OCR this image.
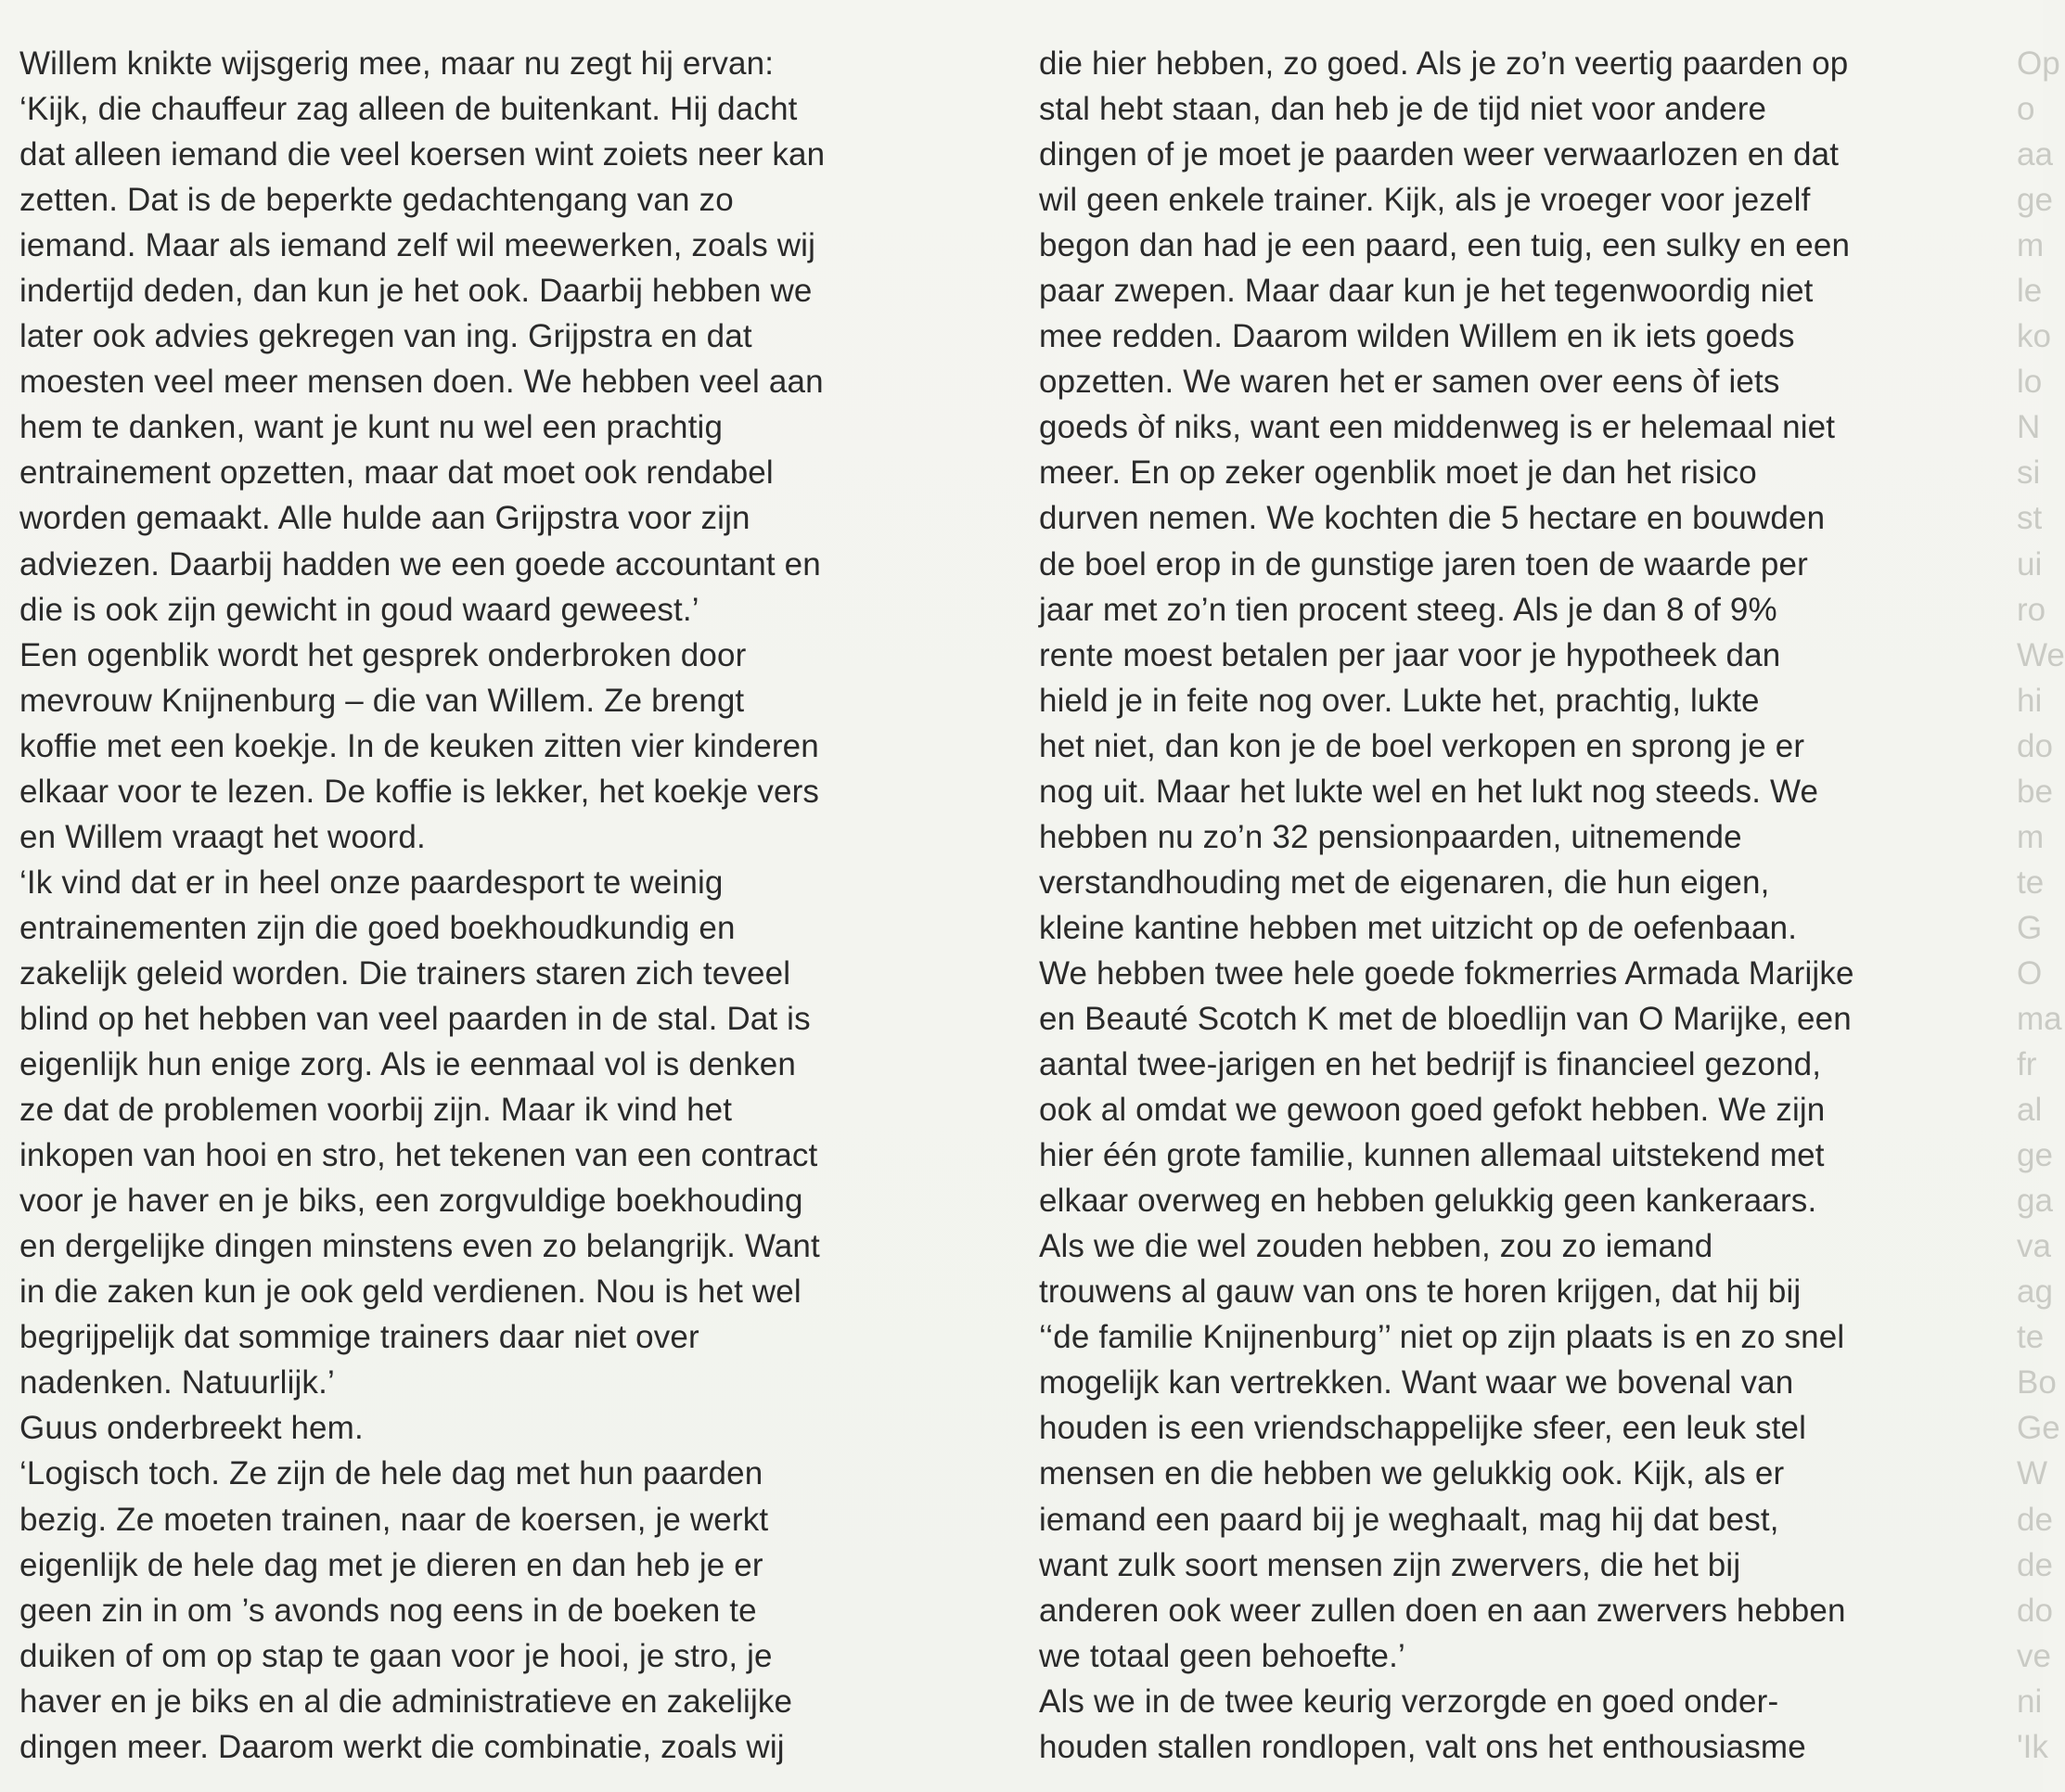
Willem knikte wijsgerig mee, maar nu zegt hij ervan:
‘Kijk, die chauffeur zag alleen de buitenkant. Hij dacht
dat alleen iemand die veel koersen wint zoiets neer kan
zetten. Dat is de beperkte gedachtengang van zo
iemand. Maar als iemand zelf wil meewerken, zoals wij
indertijd deden, dan kun je het ook. Daarbij hebben we
later ook advies gekregen van ing. Grijpstra en dat
moesten veel meer mensen doen. We hebben veel aan
hem te danken, want je kunt nu wel een prachtig
entrainement opzetten, maar dat moet ook rendabel
worden gemaakt. Alle hulde aan Grijpstra voor zijn
adviezen. Daarbij hadden we een goede accountant en
die is ook zijn gewicht in goud waard geweest.’
Een ogenblik wordt het gesprek onderbroken door
mevrouw Knijnenburg – die van Willem. Ze brengt
koffie met een koekje. In de keuken zitten vier kinderen
elkaar voor te lezen. De koffie is lekker, het koekje vers
en Willem vraagt het woord.
‘Ik vind dat er in heel onze paardesport te weinig
entrainementen zijn die goed boekhoudkundig en
zakelijk geleid worden. Die trainers staren zich teveel
blind op het hebben van veel paarden in de stal. Dat is
eigenlijk hun enige zorg. Als ie eenmaal vol is denken
ze dat de problemen voorbij zijn. Maar ik vind het
inkopen van hooi en stro, het tekenen van een contract
voor je haver en je biks, een zorgvuldige boekhouding
en dergelijke dingen minstens even zo belangrijk. Want
in die zaken kun je ook geld verdienen. Nou is het wel
begrijpelijk dat sommige trainers daar niet over
nadenken. Natuurlijk.’
Guus onderbreekt hem.
‘Logisch toch. Ze zijn de hele dag met hun paarden
bezig. Ze moeten trainen, naar de koersen, je werkt
eigenlijk de hele dag met je dieren en dan heb je er
geen zin in om ’s avonds nog eens in de boeken te
duiken of om op stap te gaan voor je hooi, je stro, je
haver en je biks en al die administratieve en zakelijke
dingen meer. Daarom werkt die combinatie, zoals wij
die hier hebben, zo goed. Als je zo’n veertig paarden op
stal hebt staan, dan heb je de tijd niet voor andere
dingen of je moet je paarden weer verwaarlozen en dat
wil geen enkele trainer. Kijk, als je vroeger voor jezelf
begon dan had je een paard, een tuig, een sulky en een
paar zwepen. Maar daar kun je het tegenwoordig niet
mee redden. Daarom wilden Willem en ik iets goeds
opzetten. We waren het er samen over eens òf iets
goeds òf niks, want een middenweg is er helemaal niet
meer. En op zeker ogenblik moet je dan het risico
durven nemen. We kochten die 5 hectare en bouwden
de boel erop in de gunstige jaren toen de waarde per
jaar met zo’n tien procent steeg. Als je dan 8 of 9%
rente moest betalen per jaar voor je hypotheek dan
hield je in feite nog over. Lukte het, prachtig, lukte
het niet, dan kon je de boel verkopen en sprong je er
nog uit. Maar het lukte wel en het lukt nog steeds. We
hebben nu zo’n 32 pensionpaarden, uitnemende
verstandhouding met de eigenaren, die hun eigen,
kleine kantine hebben met uitzicht op de oefenbaan.
We hebben twee hele goede fokmerries Armada Marijke
en Beauté Scotch K met de bloedlijn van O Marijke, een
aantal twee-jarigen en het bedrijf is financieel gezond,
ook al omdat we gewoon goed gefokt hebben. We zijn
hier één grote familie, kunnen allemaal uitstekend met
elkaar overweg en hebben gelukkig geen kankeraars.
Als we die wel zouden hebben, zou zo iemand
trouwens al gauw van ons te horen krijgen, dat hij bij
‘‘de familie Knijnenburg’’ niet op zijn plaats is en zo snel
mogelijk kan vertrekken. Want waar we bovenal van
houden is een vriendschappelijke sfeer, een leuk stel
mensen en die hebben we gelukkig ook. Kijk, als er
iemand een paard bij je weghaalt, mag hij dat best,
want zulk soort mensen zijn zwervers, die het bij
anderen ook weer zullen doen en aan zwervers hebben
we totaal geen behoefte.’
Als we in de twee keurig verzorgde en goed onder-
houden stallen rondlopen, valt ons het enthousiasme
Op
o
aa
ge
m
le
ko
lo
N
si
st
ui
ro
We
hi
do
be
m
te
G
O
ma
fr
al
ge
ga
va
ag
te
Bo
Ge
W
de
de
do
ve
ni
'Ik
